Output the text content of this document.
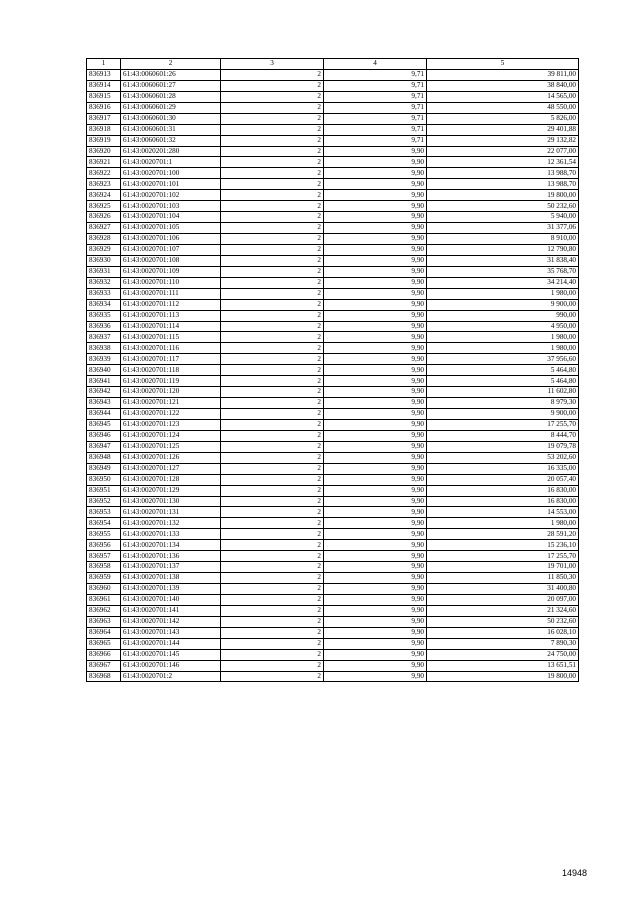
1	2	3	4	5
836913	61:43:0060601:26	2	9,71	39 811,00
836914	61:43:0060601:27	2	9,71	38 840,00
836915	61:43:0060601:28	2	9,71	14 565,00
836916	61:43:0060601:29	2	9,71	48 550,00
836917	61:43:0060601:30	2	9,71	5 826,00
836918	61:43:0060601:31	2	9,71	29 401,88
836919	61:43:0060601:32	2	9,71	29 132,82
836920	61:43:0020201:280	2	9,90	22 077,00
836921	61:43:0020701:1	2	9,90	12 361,54
836922	61:43:0020701:100	2	9,90	13 988,70
836923	61:43:0020701:101	2	9,90	13 988,70
836924	61:43:0020701:102	2	9,90	19 800,00
836925	61:43:0020701:103	2	9,90	50 232,60
836926	61:43:0020701:104	2	9,90	5 940,00
836927	61:43:0020701:105	2	9,90	31 377,06
836928	61:43:0020701:106	2	9,90	8 910,00
836929	61:43:0020701:107	2	9,90	12 790,80
836930	61:43:0020701:108	2	9,90	31 838,40
836931	61:43:0020701:109	2	9,90	35 768,70
836932	61:43:0020701:110	2	9,90	34 214,40
836933	61:43:0020701:111	2	9,90	1 980,00
836934	61:43:0020701:112	2	9,90	9 900,00
836935	61:43:0020701:113	2	9,90	990,00
836936	61:43:0020701:114	2	9,90	4 950,00
836937	61:43:0020701:115	2	9,90	1 980,00
836938	61:43:0020701:116	2	9,90	1 980,00
836939	61:43:0020701:117	2	9,90	37 956,60
836940	61:43:0020701:118	2	9,90	5 464,80
836941	61:43:0020701:119	2	9,90	5 464,80
836942	61:43:0020701:120	2	9,90	11 602,80
836943	61:43:0020701:121	2	9,90	8 979,30
836944	61:43:0020701:122	2	9,90	9 900,00
836945	61:43:0020701:123	2	9,90	17 255,70
836946	61:43:0020701:124	2	9,90	8 444,70
836947	61:43:0020701:125	2	9,90	19 079,78
836948	61:43:0020701:126	2	9,90	53 202,60
836949	61:43:0020701:127	2	9,90	16 335,00
836950	61:43:0020701:128	2	9,90	20 057,40
836951	61:43:0020701:129	2	9,90	16 830,00
836952	61:43:0020701:130	2	9,90	16 830,00
836953	61:43:0020701:131	2	9,90	14 553,00
836954	61:43:0020701:132	2	9,90	1 980,00
836955	61:43:0020701:133	2	9,90	28 591,20
836956	61:43:0020701:134	2	9,90	15 236,10
836957	61:43:0020701:136	2	9,90	17 255,70
836958	61:43:0020701:137	2	9,90	19 701,00
836959	61:43:0020701:138	2	9,90	11 850,30
836960	61:43:0020701:139	2	9,90	31 400,80
836961	61:43:0020701:140	2	9,90	20 097,00
836962	61:43:0020701:141	2	9,90	21 324,60
836963	61:43:0020701:142	2	9,90	50 232,60
836964	61:43:0020701:143	2	9,90	16 028,10
836965	61:43:0020701:144	2	9,90	7 890,30
836966	61:43:0020701:145	2	9,90	24 750,00
836967	61:43:0020701:146	2	9,90	13 651,51
836968	61:43:0020701:2	2	9,90	19 800,00
14948
